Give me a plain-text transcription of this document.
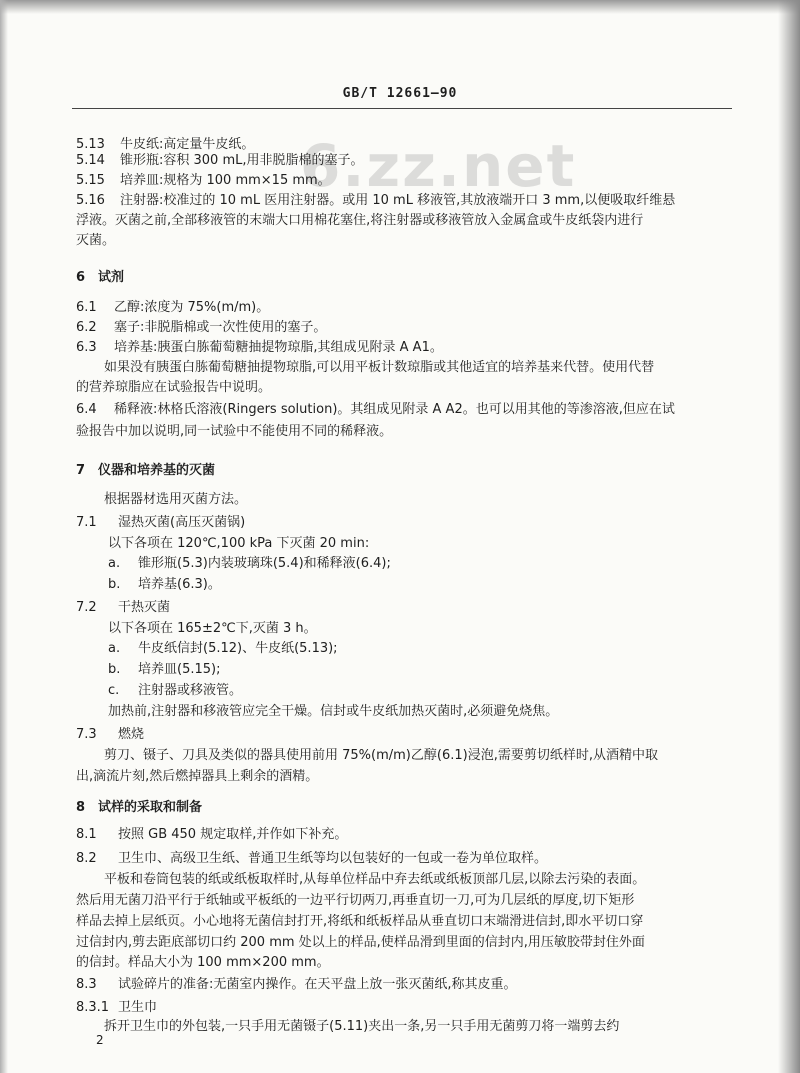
GB/T 12661—90
6.zz.net
5.13 牛皮纸:高定量牛皮纸。
5.14 锥形瓶:容积 300 mL,用非脱脂棉的塞子。
5.15 培养皿:规格为 100 mm×15 mm。
5.16 注射器:校准过的 10 mL 医用注射器。或用 10 mL 移液管,其放液端开口 3 mm,以便吸取纤维悬
浮液。灭菌之前,全部移液管的末端大口用棉花塞住,将注射器或移液管放入金属盒或牛皮纸袋内进行
灭菌。
6 试剂
6.1 乙醇:浓度为 75%(m/m)。
6.2 塞子:非脱脂棉或一次性使用的塞子。
6.3 培养基:胰蛋白胨葡萄糖抽提物琼脂,其组成见附录 A A1。
如果没有胰蛋白胨葡萄糖抽提物琼脂,可以用平板计数琼脂或其他适宜的培养基来代替。使用代替
的营养琼脂应在试验报告中说明。
6.4 稀释液:林格氏溶液(Ringers solution)。其组成见附录 A A2。也可以用其他的等渗溶液,但应在试
验报告中加以说明,同一试验中不能使用不同的稀释液。
7 仪器和培养基的灭菌
根据器材选用灭菌方法。
7.1 湿热灭菌(高压灭菌锅)
以下各项在 120℃,100 kPa 下灭菌 20 min:
a. 锥形瓶(5.3)内装玻璃珠(5.4)和稀释液(6.4);
b. 培养基(6.3)。
7.2 干热灭菌
以下各项在 165±2℃下,灭菌 3 h。
a. 牛皮纸信封(5.12)、牛皮纸(5.13);
b. 培养皿(5.15);
c. 注射器或移液管。
加热前,注射器和移液管应完全干燥。信封或牛皮纸加热灭菌时,必须避免烧焦。
7.3 燃烧
剪刀、镊子、刀具及类似的器具使用前用 75%(m/m)乙醇(6.1)浸泡,需要剪切纸样时,从酒精中取
出,滴流片刻,然后燃掉器具上剩余的酒精。
8 试样的采取和制备
8.1 按照 GB 450 规定取样,并作如下补充。
8.2 卫生巾、高级卫生纸、普通卫生纸等均以包装好的一包或一卷为单位取样。
平板和卷筒包装的纸或纸板取样时,从每单位样品中弃去纸或纸板顶部几层,以除去污染的表面。
然后用无菌刀沿平行于纸轴或平板纸的一边平行切两刀,再垂直切一刀,可为几层纸的厚度,切下矩形
样品去掉上层纸页。小心地将无菌信封打开,将纸和纸板样品从垂直切口末端滑进信封,即水平切口穿
过信封内,剪去距底部切口约 200 mm 处以上的样品,使样品滑到里面的信封内,用压敏胶带封住外面
的信封。样品大小为 100 mm×200 mm。
8.3 试验碎片的准备:无菌室内操作。在天平盘上放一张灭菌纸,称其皮重。
8.3.1 卫生巾
拆开卫生巾的外包装,一只手用无菌镊子(5.11)夹出一条,另一只手用无菌剪刀将一端剪去约
2
